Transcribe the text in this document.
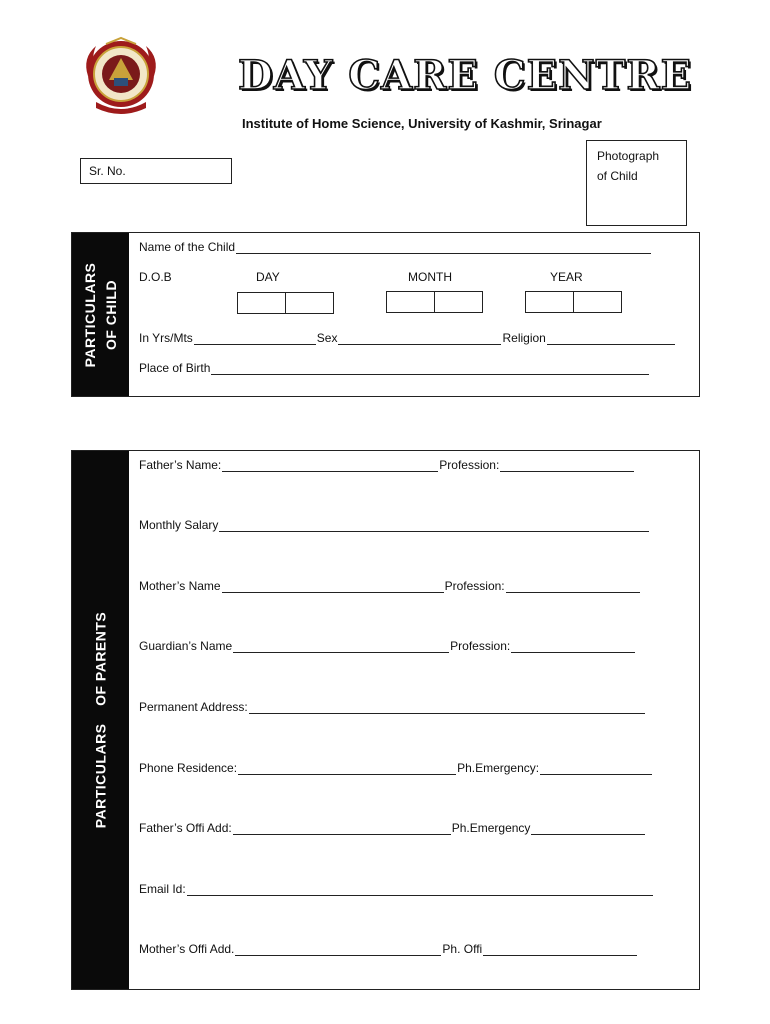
DAY CARE CENTRE
Institute of Home Science, University of Kashmir, Srinagar
Sr. No.
Photograph
of Child
PARTICULARS OF CHILD
Name of the Child
D.O.B	DAY	MONTH	YEAR
In Yrs/Mts	Sex	Religion
Place of Birth
PARTICULARS    OF PARENTS
Father’s Name:	Profession:
Monthly Salary
Mother’s Name	Profession:
Guardian’s Name	Profession:
Permanent Address:
Phone Residence:	Ph.Emergency:
Father’s Offi Add:	Ph.Emergency
Email Id:
Mother’s Offi Add.	Ph. Offi
